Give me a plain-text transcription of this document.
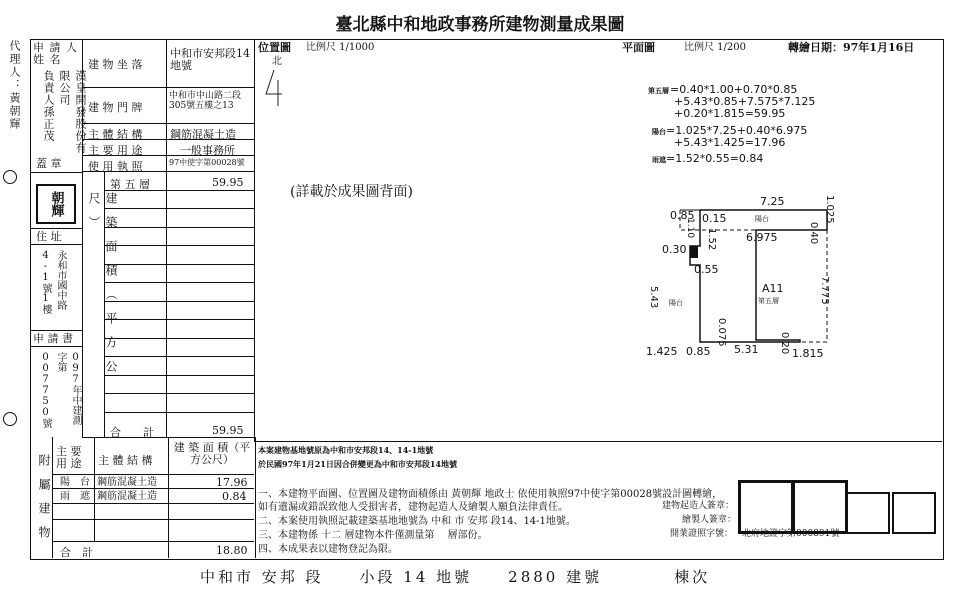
臺北縣中和地政事務所建物測量成果圖
代理人：黃朝輝 申 請 人 姓 名
漢皇開發股份有限公司
負責人孫正茂
蓋 章
朝輝
住 址
永和市國中路4-1號1樓
申 請 書
097年中建測字第007750號
建 物 坐 落
中和市安邦段14地號
建 物 門 牌
中和市中山路二段305號五樓之13
主 體 結 構	鋼筋混凝土造
主 要 用 途	一般事務所
使 用 執 照	97中使字第00028號
建築面積（平方公尺）
第 五 層	59.95
合　　計	59.95
附屬建物
主 要 用 途	主 體 結 構
建 築 面 積（平方公尺）
陽　台 鋼筋混凝土造	17.96
雨　遮 鋼筋混凝土造	0.84
合　計	18.80
位置圖 比例尺 1/1000
北
(詳載於成果圖背面)
平面圖	比例尺 1/200	轉繪日期：97年1月16日
第五層 =0.40*1.00+0.70*0.85
+5.43*0.85+7.575*7.125
+0.20*1.815=59.95
陽台 =1.025*7.25+0.40*6.975
+5.43*1.425=17.96
雨遮 =1.52*0.55=0.84
7.25	1.025
0.85 0.15	陽台
6.975	0.40
1.10
0.30 1.52
0.55
7.775
5.43 陽台
A11
第五層
0.075
1.425 0.85 5.31 0.20 1.815
本案建物基地號原為中和市安邦段14、14-1地號
於民國97年1月21日因合併變更為中和市安邦段14地號
一、本建物平面圖、位置圖及建物面積係由 黃朝輝 地政士 依使用執照97中使字第00028號設計圖轉繪，如有遺漏或錯誤致他人受損害者，建物起造人及繪製人願負法律責任。
二、本案使用執照記載建築基地地號為 中和 市 安邦 段14、14-1地號。
三、本建物係 十二 層建物本件僅測量第 　層部份。
四、本成果表以建物登記為限。
建物起造人簽章：
繪製人簽章：
開業證照字號： 北府地證字第000891號
中和市 安邦 段　　小段 14 地號　　2880 建號　　　　棟次
